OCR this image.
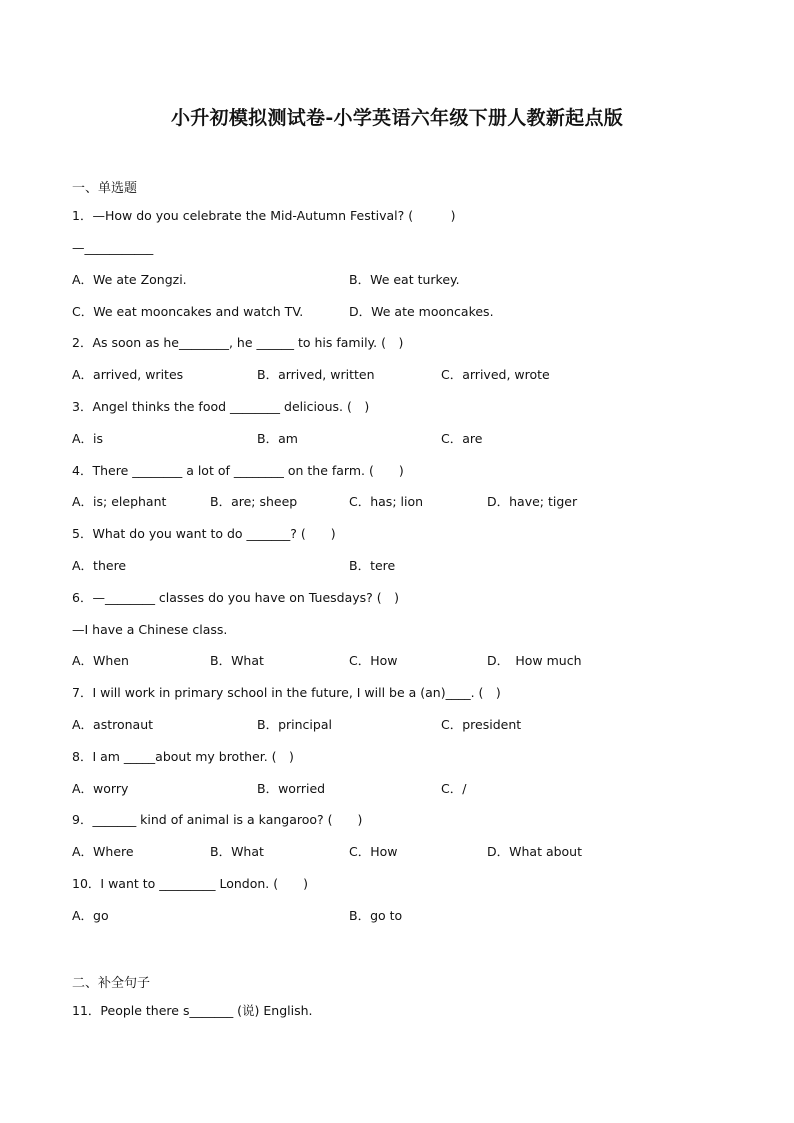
小升初模拟测试卷-小学英语六年级下册人教新起点版
一、单选题
1．—How do you celebrate the Mid-Autumn Festival? (　　　)
—___________
A．We ate Zongzi.	B．We eat turkey.
C．We eat mooncakes and watch TV.	D．We ate mooncakes.
2．As soon as he________, he ______ to his family. (　)
A．arrived, writes	B．arrived, written	C．arrived, wrote
3．Angel thinks the food ________ delicious. (　)
A．is	B．am	C．are
4．There ________ a lot of ________ on the farm. (　　)
A．is; elephant	B．are; sheep	C．has; lion	D．have; tiger
5．What do you want to do _______? (　　)
A．there	B．tere
6．—________ classes do you have on Tuesdays? (　)
—I have a Chinese class.
A．When	B．What	C．How	D．　How much
7．I will work in primary school in the future, I will be a (an)____. (　)
A．astronaut	B．principal	C．president
8．I am _____about my brother. (　)
A．worry	B．worried	C．/
9．_______ kind of animal is a kangaroo? (　　)
A．Where	B．What	C．How	D．What about
10．I want to _________ London. (　　)
A．go	B．go to
二、补全句子
11．People there s_______ (说) English.
